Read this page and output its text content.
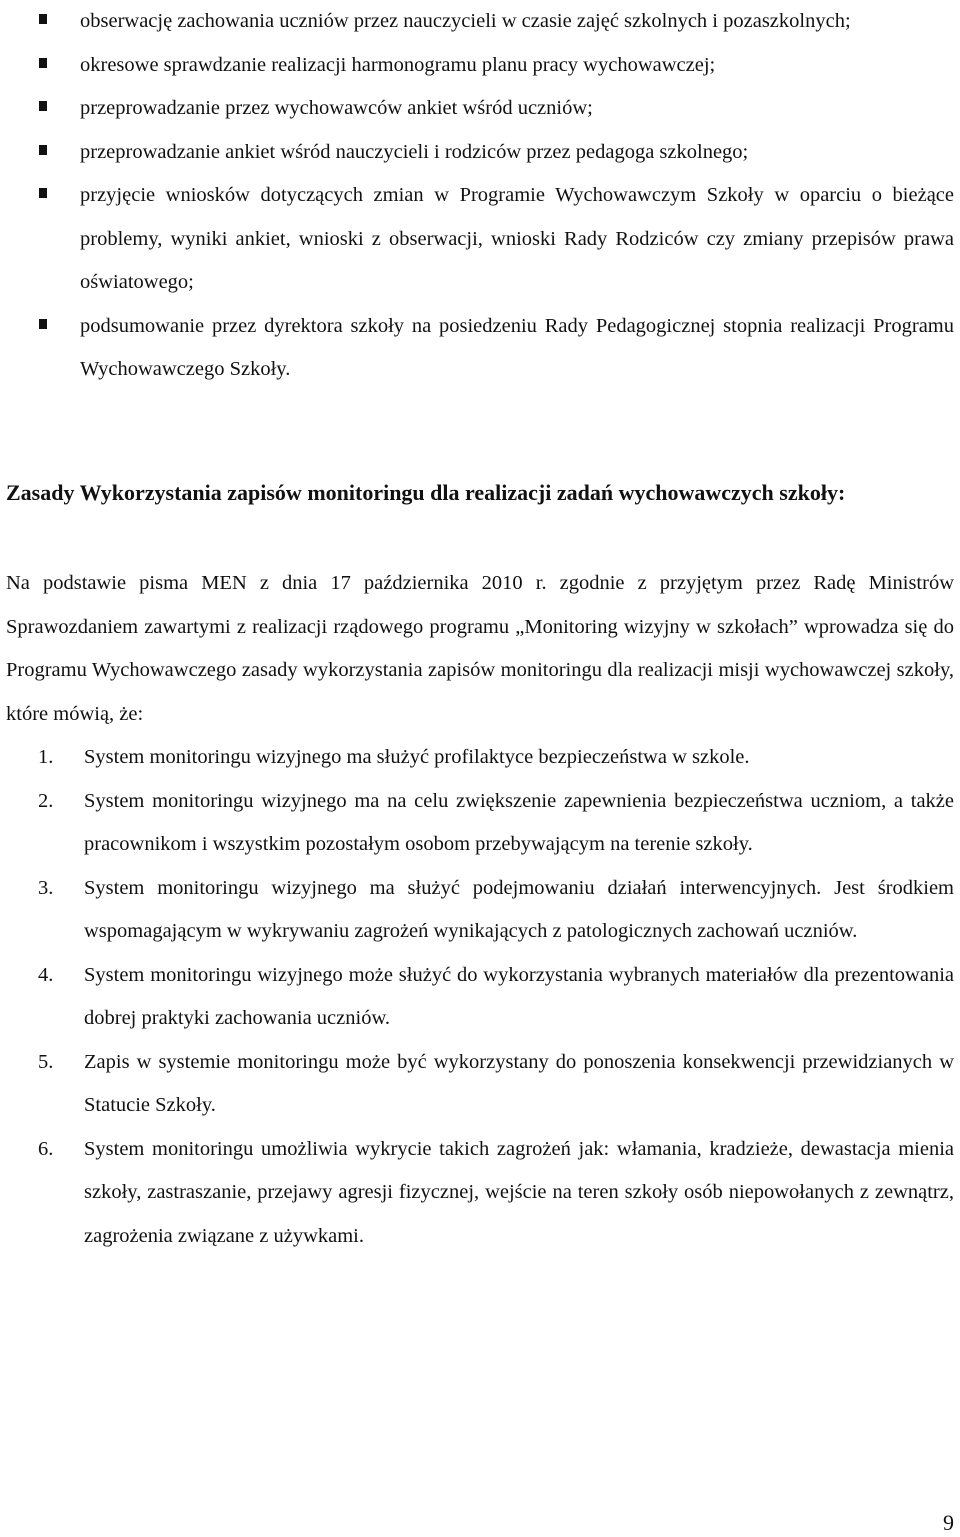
obserwację zachowania uczniów przez nauczycieli w czasie zajęć szkolnych i pozaszkolnych;
okresowe sprawdzanie realizacji harmonogramu planu pracy wychowawczej;
przeprowadzanie przez wychowawców ankiet wśród uczniów;
przeprowadzanie ankiet wśród nauczycieli i rodziców przez pedagoga szkolnego;
przyjęcie wniosków dotyczących zmian w Programie Wychowawczym Szkoły w oparciu o bieżące problemy, wyniki ankiet, wnioski z obserwacji, wnioski Rady Rodziców czy zmiany przepisów prawa oświatowego;
podsumowanie przez dyrektora szkoły na posiedzeniu Rady Pedagogicznej stopnia realizacji Programu Wychowawczego Szkoły.
Zasady Wykorzystania zapisów monitoringu dla realizacji zadań wychowawczych szkoły:

Na podstawie pisma MEN z dnia 17 października 2010 r. zgodnie z przyjętym przez Radę Ministrów Sprawozdaniem zawartymi z realizacji rządowego programu „Monitoring wizyjny w szkołach” wprowadza się do Programu Wychowawczego zasady wykorzystania zapisów monitoringu dla realizacji misji wychowawczej szkoły, które mówią, że:

1. System monitoringu wizyjnego ma służyć profilaktyce bezpieczeństwa w szkole.
2. System monitoringu wizyjnego ma na celu zwiększenie zapewnienia bezpieczeństwa uczniom, a także pracownikom i wszystkim pozostałym osobom przebywającym na terenie szkoły.
3. System monitoringu wizyjnego ma służyć podejmowaniu działań interwencyjnych. Jest środkiem wspomagającym w wykrywaniu zagrożeń wynikających z patologicznych zachowań uczniów.
4. System monitoringu wizyjnego może służyć do wykorzystania wybranych materiałów dla prezentowania dobrej praktyki zachowania uczniów.
5. Zapis w systemie monitoringu może być wykorzystany do ponoszenia konsekwencji przewidzianych w Statucie Szkoły.
6. System monitoringu umożliwia wykrycie takich zagrożeń jak: włamania, kradzieże, dewastacja mienia szkoły, zastraszanie, przejawy agresji fizycznej, wejście na teren szkoły osób niepowołanych z zewnątrz, zagrożenia związane z używkami.
9
